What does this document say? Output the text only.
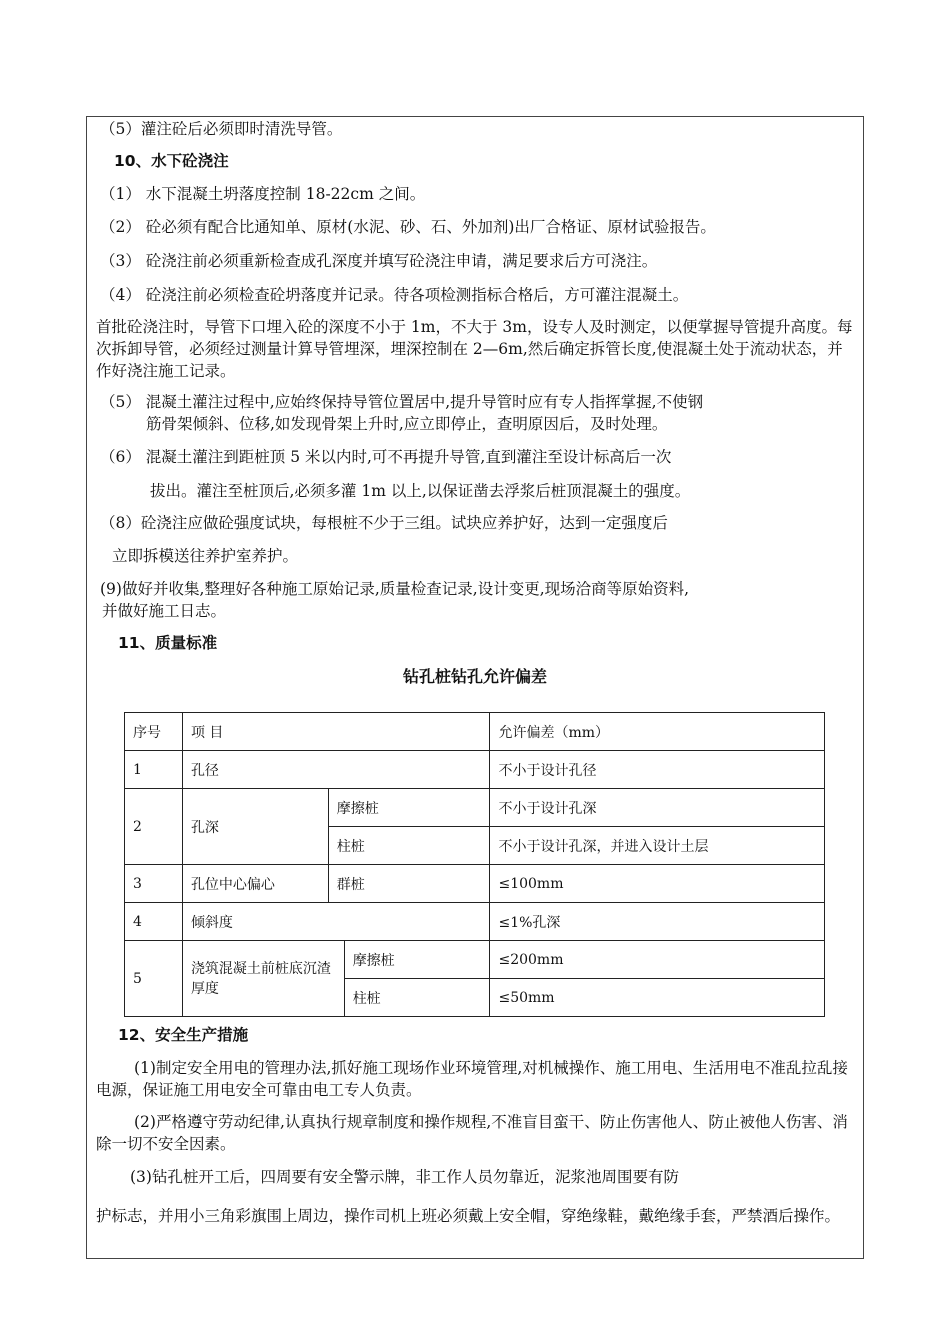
（5）灌注砼后必须即时清洗导管。
10、水下砼浇注
（1） 水下混凝土坍落度控制 18-22cm 之间。
（2） 砼必须有配合比通知单、原材(水泥、砂、石、外加剂)出厂合格证、原材试验报告。
（3） 砼浇注前必须重新检查成孔深度并填写砼浇注申请，满足要求后方可浇注。
（4） 砼浇注前必须检查砼坍落度并记录。待各项检测指标合格后，方可灌注混凝土。
首批砼浇注时，导管下口埋入砼的深度不小于 1m，不大于 3m，设专人及时测定，以便掌握导管提升高度。每次拆卸导管，必须经过测量计算导管埋深，埋深控制在 2—6m,然后确定拆管长度,使混凝土处于流动状态，并作好浇注施工记录。
（5） 混凝土灌注过程中,应始终保持导管位置居中,提升导管时应有专人指挥掌握,不使钢
筋骨架倾斜、位移,如发现骨架上升时,应立即停止，查明原因后，及时处理。
（6） 混凝土灌注到距桩顶 5 米以内时,可不再提升导管,直到灌注至设计标高后一次
拔出。灌注至桩顶后,必须多灌 1m 以上,以保证凿去浮浆后桩顶混凝土的强度。
（8）砼浇注应做砼强度试块，每根桩不少于三组。试块应养护好，达到一定强度后
立即拆模送往养护室养护。
(9)做好并收集,整理好各种施工原始记录,质量检查记录,设计变更,现场洽商等原始资料,
并做好施工日志。
11、质量标准
钻孔桩钻孔允许偏差
序号	项 目			允许偏差（mm）
1	孔径			不小于设计孔径
2	孔深	摩擦桩		不小于设计孔深
		柱桩		不小于设计孔深，并进入设计土层
3	孔位中心偏心	群桩		≤100mm
4	倾斜度			≤1%孔深
5	浇筑混凝土前桩底沉渣厚度		摩擦桩	≤200mm
			柱桩	≤50mm
12、安全生产措施
(1)制定安全用电的管理办法,抓好施工现场作业环境管理,对机械操作、施工用电、生活用电不准乱拉乱接电源，保证施工用电安全可靠由电工专人负责。
(2)严格遵守劳动纪律,认真执行规章制度和操作规程,不准盲目蛮干、防止伤害他人、防止被他人伤害、消除一切不安全因素。
(3)钻孔桩开工后，四周要有安全警示牌，非工作人员勿靠近，泥浆池周围要有防
护标志，并用小三角彩旗围上周边，操作司机上班必须戴上安全帽，穿绝缘鞋，戴绝缘手套，严禁酒后操作。
